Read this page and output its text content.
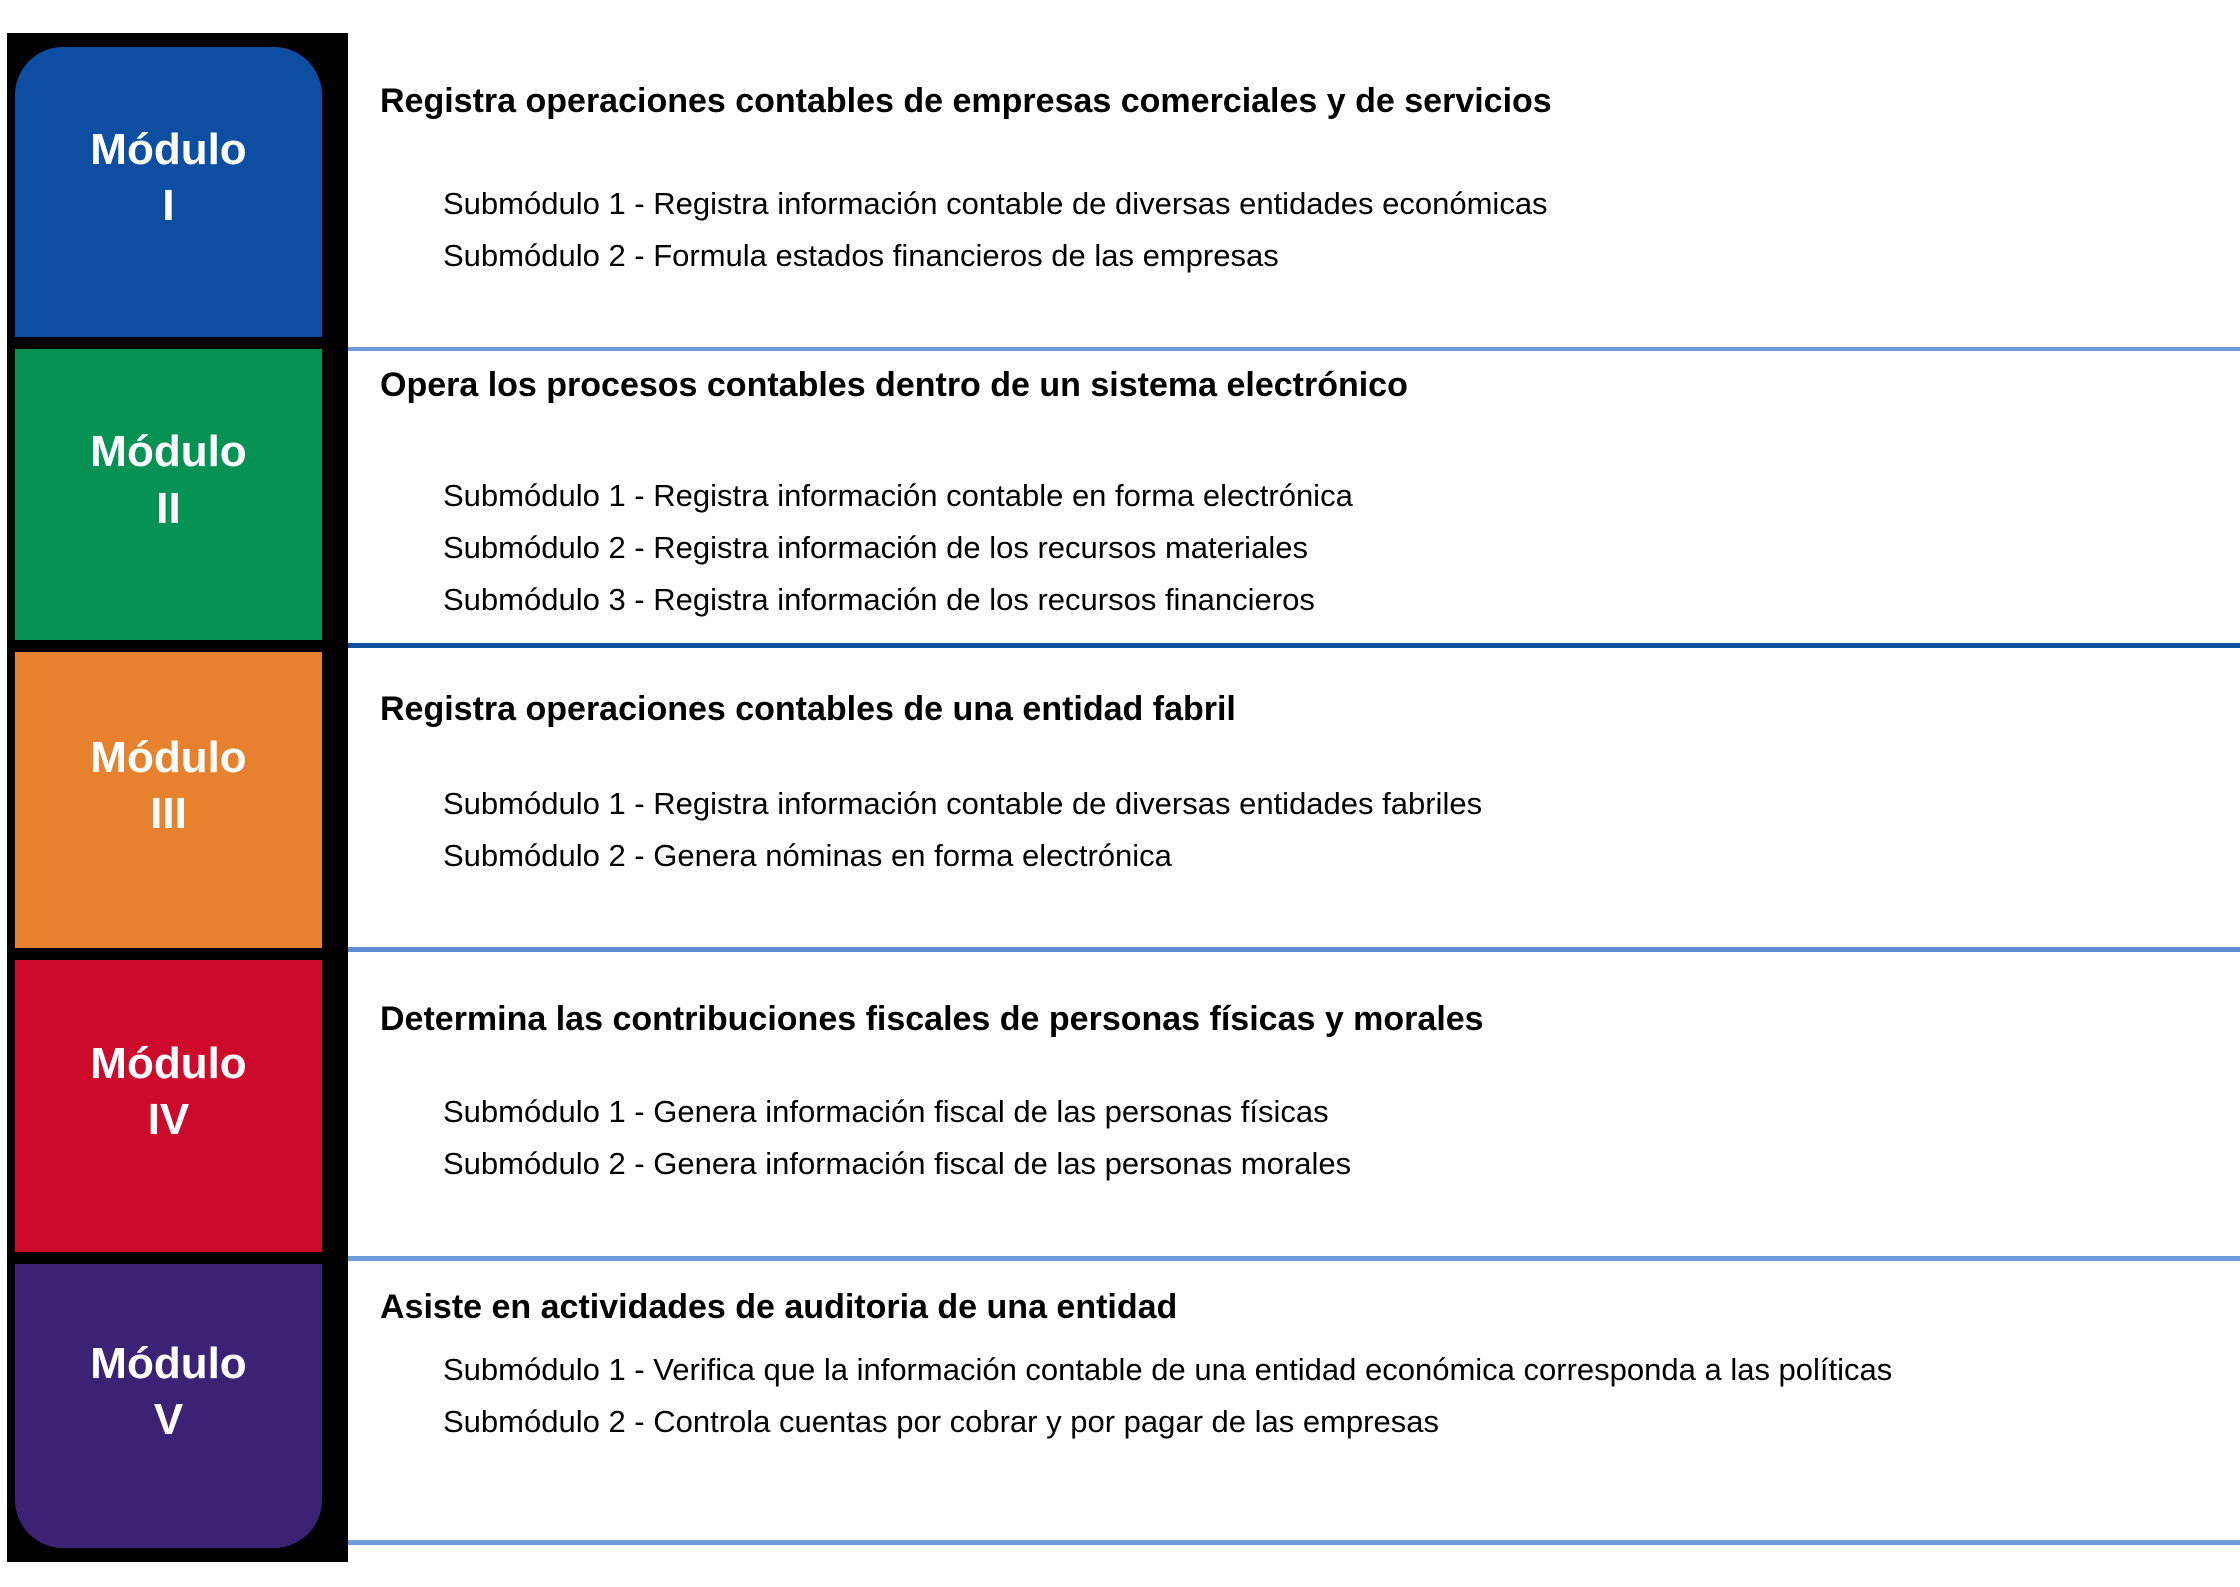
Módulo
I
Módulo
II
Módulo
III
Módulo
IV
Módulo
V
Registra operaciones contables de empresas comerciales y de servicios

Submódulo 1 - Registra información contable de diversas entidades económicas

Submódulo 2 - Formula estados financieros de las empresas

Opera los procesos contables dentro de un sistema electrónico

Submódulo 1 - Registra información contable en forma electrónica

Submódulo 2 - Registra información de los recursos materiales

Submódulo 3 - Registra información de los recursos financieros

Registra operaciones contables de una entidad fabril

Submódulo 1 - Registra información contable de diversas entidades fabriles

Submódulo 2 - Genera nóminas en forma electrónica

Determina las contribuciones fiscales de personas físicas y morales

Submódulo 1 - Genera información fiscal de las personas físicas

Submódulo 2 - Genera información fiscal de las personas morales

Asiste en actividades de auditoria de una entidad

Submódulo 1 - Verifica que la información contable de una entidad económica corresponda a las políticas

Submódulo 2 - Controla cuentas por cobrar y por pagar de las empresas
